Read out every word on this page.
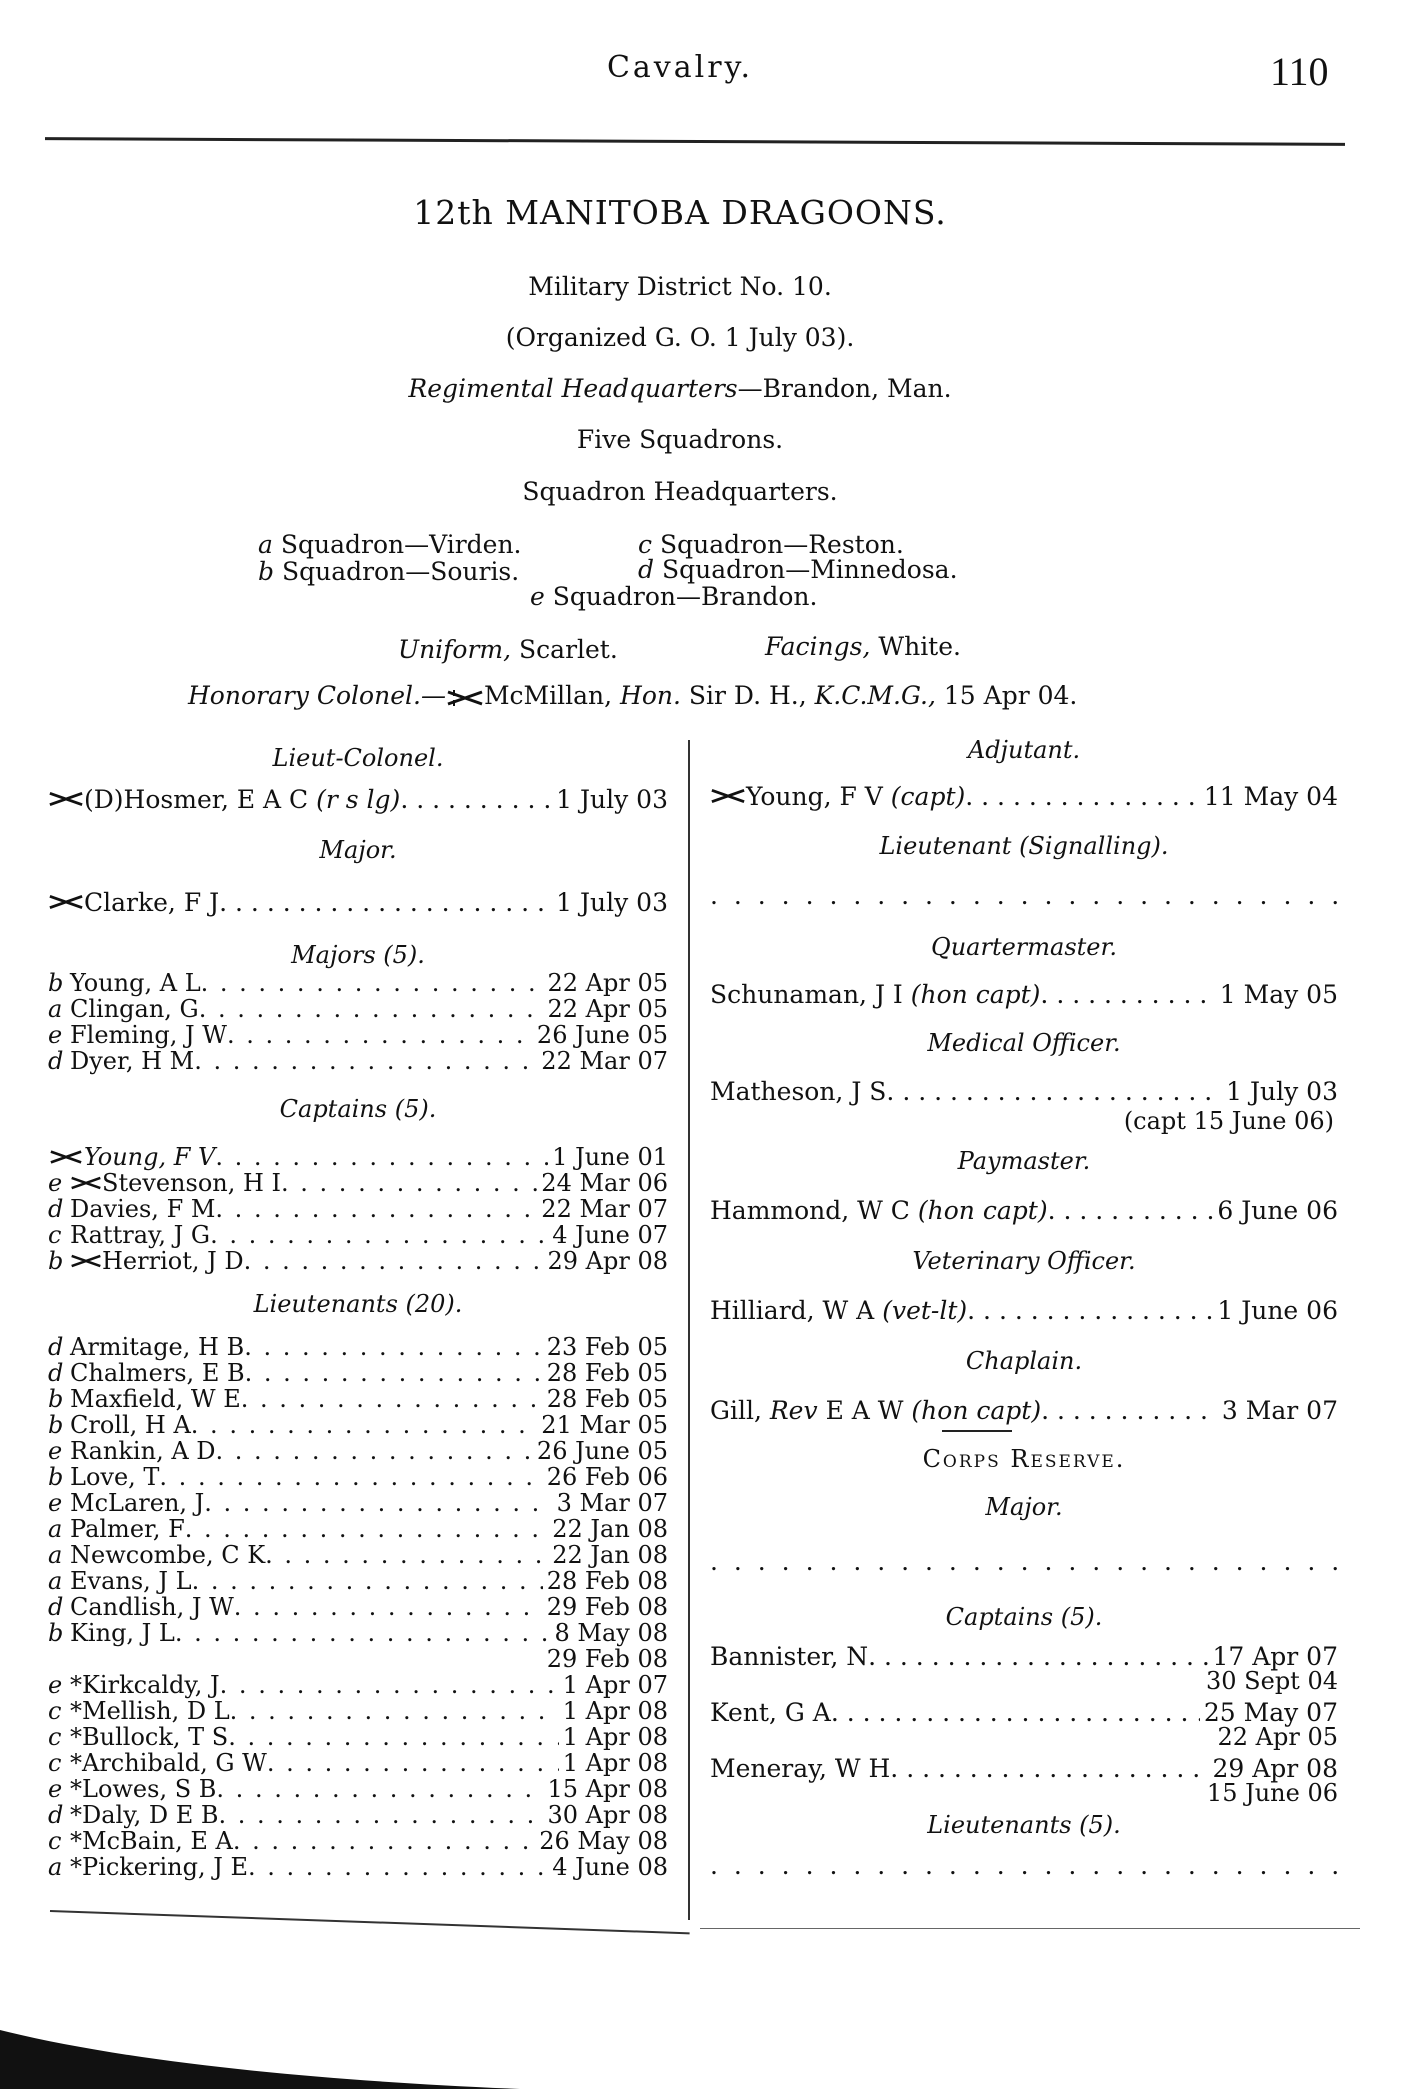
Cavalry.	110
12th MANITOBA DRAGOONS.
Military District No. 10.
(Organized G. O. 1 July 03).
Regimental Headquarters—Brandon, Man.
Five Squadrons.
Squadron Headquarters.
a Squadron—Virden.
b Squadron—Souris.
c Squadron—Reston.
d Squadron—Minnedosa.
e Squadron—Brandon.
Uniform, Scarlet.	Facings, White.
Honorary Colonel.— McMillan, Hon. Sir D. H., K.C.M.G., 15 Apr 04.
Lieut-Colonel.
(D)Hosmer, E A C
(r s lg) . . .	1 July 03
Major.
Clarke, F J . . .	1 July 03
Majors (5).
b Young, A L . . .	22 Apr 05
a Clingan, G . . .	22 Apr 05
e Fleming, J W . . .	26 June 05
d Dyer, H M . . .	22 Mar 07
Captains (5).
Young, F V . . .	1 June 01
e	Stevenson, H I . . .	24 Mar 06
d Davies, F M . . .	22 Mar 07
c Rattray, J G . . .	4 June 07
b Herriot, J D . . .	29 Apr 08
Lieutenants (20).
d Armitage, H B . . .	23 Feb 05
d Chalmers, E B . . .	28 Feb 05
b Maxfield, W E . . .	28 Feb 05
b Croll, H A . . .	21 Mar 05
e Rankin, A D . . .	26 June 05
b Love, T . . .	26 Feb 06
e McLaren, J . . .	3 Mar 07
a Palmer, F . . .	22 Jan 08
a Newcombe, C K . . .	22 Jan 08
a Evans, J L . . .	28 Feb 08
d Candlish, J W . . .	29 Feb 08
b King, J L . . .	8 May 08
29 Feb 08
e *Kirkcaldy, J . . .	1 Apr 07
c *Mellish, D L . . .	1 Apr 08
c *Bullock, T S . . .	1 Apr 08
c *Archibald, G W . . .	1 Apr 08
e *Lowes, S B . . .	15 Apr 08
d *Daly, D E B . . .	30 Apr 08
c *McBain, E A . . .	26 May 08
a *Pickering, J E . . .	4 June 08
Adjutant.
Young, F V
(capt) . . .	11 May 04
Lieutenant (Signalling).
. . .
Quartermaster.
Schunaman, J I
(hon capt) . . .	1 May 05
Medical Officer.
Matheson, J S . . .	1 July 03
(capt 15 June 06)
Paymaster.
Hammond, W C
(hon capt) . . .	6 June 06
Veterinary Officer.
Hilliard, W A
(vet-lt) . . .	1 June 06
Chaplain.
Gill,
Rev
E A W
(hon capt) . . .	3 Mar 07
Corps Reserve.
Major.
. . .
Captains (5).
Bannister, N . . .	17 Apr 07
30 Sept 04
Kent, G A . . .	25 May 07
22 Apr 05
Meneray, W H . . .	29 Apr 08
15 June 06
Lieutenants (5).
. . .
